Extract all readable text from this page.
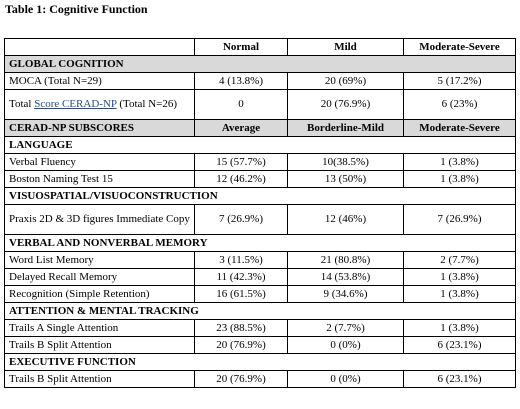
Table 1: Cognitive Function
	Normal	Mild	Moderate-Severe
GLOBAL COGNITION			
MOCA (Total N=29)	4 (13.8%)	20 (69%)	5 (17.2%)
Total Score CERAD-NP (Total N=26)	0	20 (76.9%)	6 (23%)
CERAD-NP SUBSCORES	Average	Borderline-Mild	Moderate-Severe
LANGUAGE			
Verbal Fluency	15 (57.7%)	10(38.5%)	1 (3.8%)
Boston Naming Test 15	12 (46.2%)	13 (50%)	1 (3.8%)
VISUOSPATIAL/VISUOCONSTRUCTION			
Praxis 2D & 3D figures Immediate Copy	7 (26.9%)	12 (46%)	7 (26.9%)
VERBAL AND NONVERBAL MEMORY			
Word List Memory	3 (11.5%)	21 (80.8%)	2 (7.7%)
Delayed Recall Memory	11 (42.3%)	14 (53.8%)	1 (3.8%)
Recognition (Simple Retention)	16 (61.5%)	9 (34.6%)	1 (3.8%)
ATTENTION & MENTAL TRACKING			
Trails A Single Attention	23 (88.5%)	2 (7.7%)	1 (3.8%)
Trails B Split Attention	20 (76.9%)	0 (0%)	6 (23.1%)
EXECUTIVE FUNCTION			
Trails B Split Attention	20 (76.9%)	0 (0%)	6 (23.1%)
